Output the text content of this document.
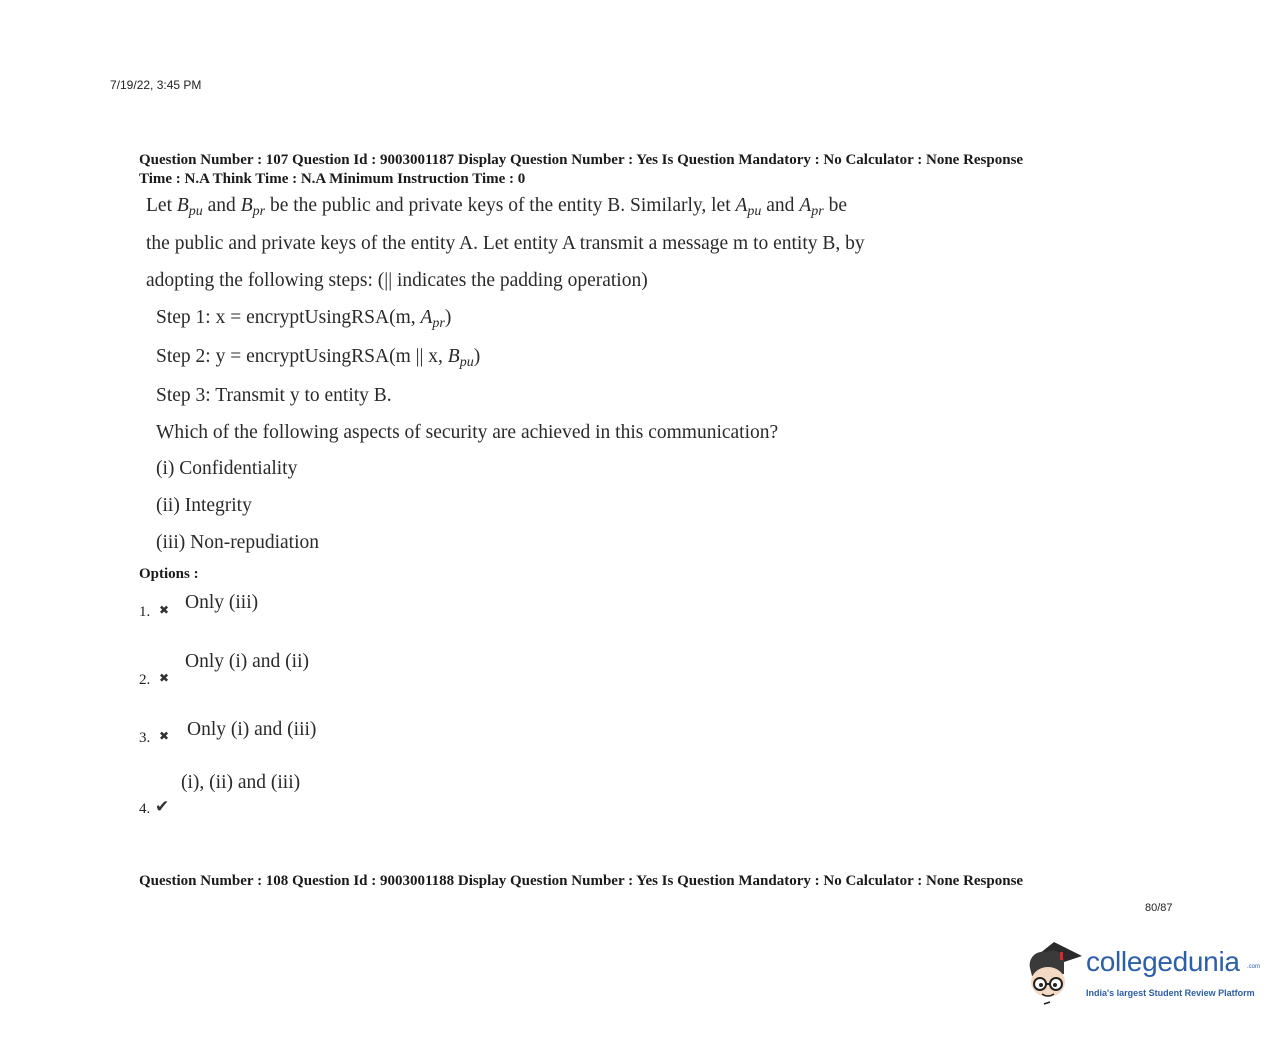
7/19/22, 3:45 PM
Question Number : 107 Question Id : 9003001187 Display Question Number : Yes Is Question Mandatory : No Calculator : None Response
Time : N.A Think Time : N.A Minimum Instruction Time : 0
Let $B_{pu}$ and $B_{pr}$ be the public and private keys of the entity B. Similarly, let $A_{pu}$ and $A_{pr}$ be
the public and private keys of the entity A. Let entity A transmit a message m to entity B, by
adopting the following steps: (|| indicates the padding operation)
Step 1: x = encryptUsingRSA(m, $A_{pr}$)
Step 2: y = encryptUsingRSA(m || x, $B_{pu}$)
Step 3: Transmit y to entity B.
Which of the following aspects of security are achieved in this communication?
(i) Confidentiality
(ii) Integrity
(iii) Non-repudiation
Options :
1. ✖ Only (iii)
Only (i) and (ii)
2. ✖
3. ✖ Only (i) and (iii)
(i), (ii) and (iii)
4. ✔
Question Number : 108 Question Id : 9003001188 Display Question Number : Yes Is Question Mandatory : No Calculator : None Response
80/87
collegedunia .com
India's largest Student Review Platform
